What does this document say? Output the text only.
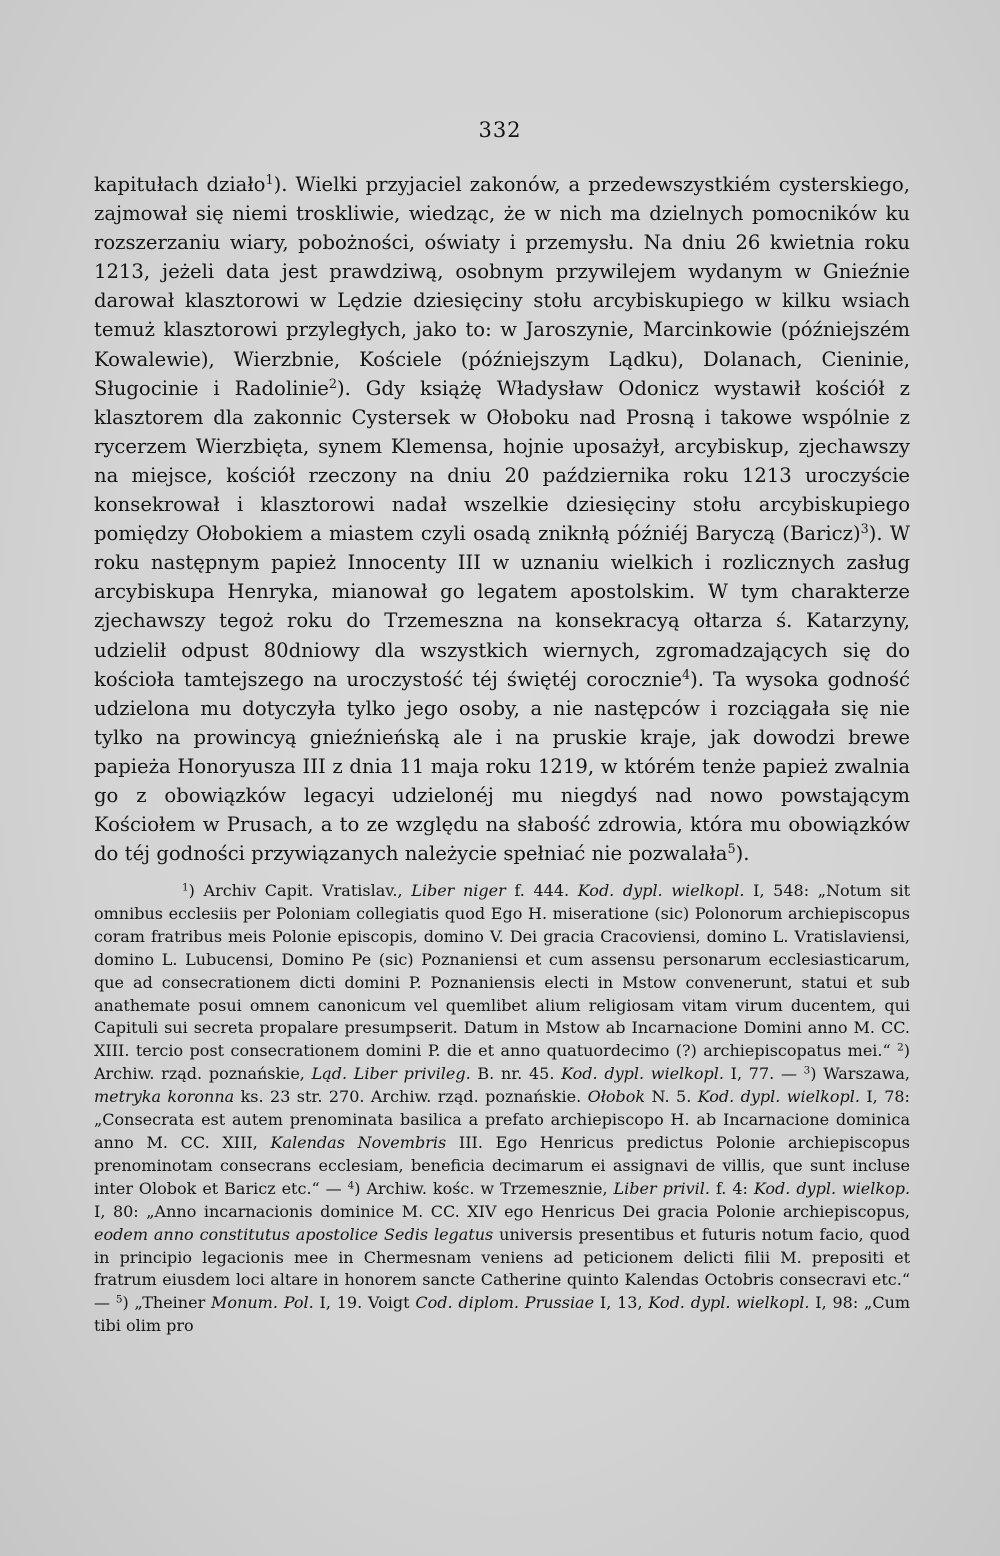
332

kapitułach działo$^1$). Wielki przyjaciel zakonów, a przedewszystkiém cysterskiego, zajmował się niemi troskliwie, wiedząc, że w nich ma dzielnych pomocników ku rozszerzaniu wiary, pobożności, oświaty i przemysłu. Na dniu 26 kwietnia roku 1213, jeżeli data jest prawdziwą, osobnym przywilejem wydanym w Gnieźnie darował klasztorowi w Lędzie dziesięciny stołu arcybiskupiego w kilku wsiach temuż klasztorowi przyległych, jako to: w Jaroszynie, Marcinkowie (późniejszém Kowalewie), Wierzbnie, Kościele (późniejszym Lądku), Dolanach, Cieninie, Sługocinie i Radolinie$^2$). Gdy książę Władysław Odonicz wystawił kościół z klasztorem dla zakonnic Cystersek w Ołoboku nad Prosną i takowe wspólnie z rycerzem Wierzbięta, synem Klemensa, hojnie uposażył, arcybiskup, zjechawszy na miejsce, kościół rzeczony na dniu 20 października roku 1213 uroczyście konsekrował i klasztorowi nadał wszelkie dziesięciny stołu arcybiskupiego pomiędzy Ołobokiem a miastem czyli osadą zniknłą późniéj Baryczą (Baricz)$^3$). W roku następnym papież Innocenty III w uznaniu wielkich i rozlicznych zasług arcybiskupa Henryka, mianował go legatem apostolskim. W tym charakterze zjechawszy tegoż roku do Trzemeszna na konsekracyą ołtarza ś. Katarzyny, udzielił odpust 80dniowy dla wszystkich wiernych, zgromadzających się do kościoła tamtejszego na uroczystość téj świętéj corocznie$^4$). Ta wysoka godność udzielona mu dotyczyła tylko jego osoby, a nie następców i rozciągała się nie tylko na prowincyą gnieźnieńską ale i na pruskie kraje, jak dowodzi brewe papieża Honoryusza III z dnia 11 maja roku 1219, w którém tenże papież zwalnia go z obowiązków legacyi udzielonéj mu niegdyś nad nowo powstającym Kościołem w Prusach, a to ze względu na słabość zdrowia, która mu obowiązków do téj godności przywiązanych należycie spełniać nie pozwalała$^5$).

$^1$) Archiv Capit. Vratislav., Liber niger f. 444. Kod. dypl. wielkopl. I, 548: „Notum sit omnibus ecclesiis per Poloniam collegiatis quod Ego H. miseratione (sic) Polonorum archiepiscopus coram fratribus meis Polonie episcopis, domino V. Dei gracia Cracoviensi, domino L. Vratislaviensi, domino L. Lubucensi, Domino Pe (sic) Poznaniensi et cum assensu personarum ecclesiasticarum, que ad consecrationem dicti domini P. Poznaniensis electi in Mstow convenerunt, statui et sub anathemate posui omnem canonicum vel quemlibet alium religiosam vitam virum ducentem, qui Capituli sui secreta propalare presumpserit. Datum in Mstow ab Incarnacione Domini anno M. CC. XIII. tercio post consecrationem domini P. die et anno quatuordecimo (?) archiepiscopatus mei.“ $^2$) Archiw. rząd. poznańskie, Ląd. Liber privileg. B. nr. 45. Kod. dypl. wielkopl. I, 77. — $^3$) Warszawa, metryka koronna ks. 23 str. 270. Archiw. rząd. poznańskie. Ołobok N. 5. Kod. dypl. wielkopl. I, 78: „Consecrata est autem prenominata basilica a prefato archiepiscopo H. ab Incarnacione dominica anno M. CC. XIII, Kalendas Novembris III. Ego Henricus predictus Polonie archiepiscopus prenominotam consecrans ecclesiam, beneficia decimarum ei assignavi de villis, que sunt incluse inter Olobok et Baricz etc.“ — $^4$) Archiw. kośc. w Trzemesznie, Liber privil. f. 4: Kod. dypl. wielkop. I, 80: „Anno incarnacionis dominice M. CC. XIV ego Henricus Dei gracia Polonie archiepiscopus, eodem anno constitutus apostolice Sedis legatus universis presentibus et futuris notum facio, quod in principio legacionis mee in Chermesnam veniens ad peticionem delicti filii M. prepositi et fratrum eiusdem loci altare in honorem sancte Catherine quinto Kalendas Octobris consecravi etc.“ — $^5$) „Theiner Monum. Pol. I, 19. Voigt Cod. diplom. Prussiae I, 13, Kod. dypl. wielkopl. I, 98: „Cum tibi olim pro
